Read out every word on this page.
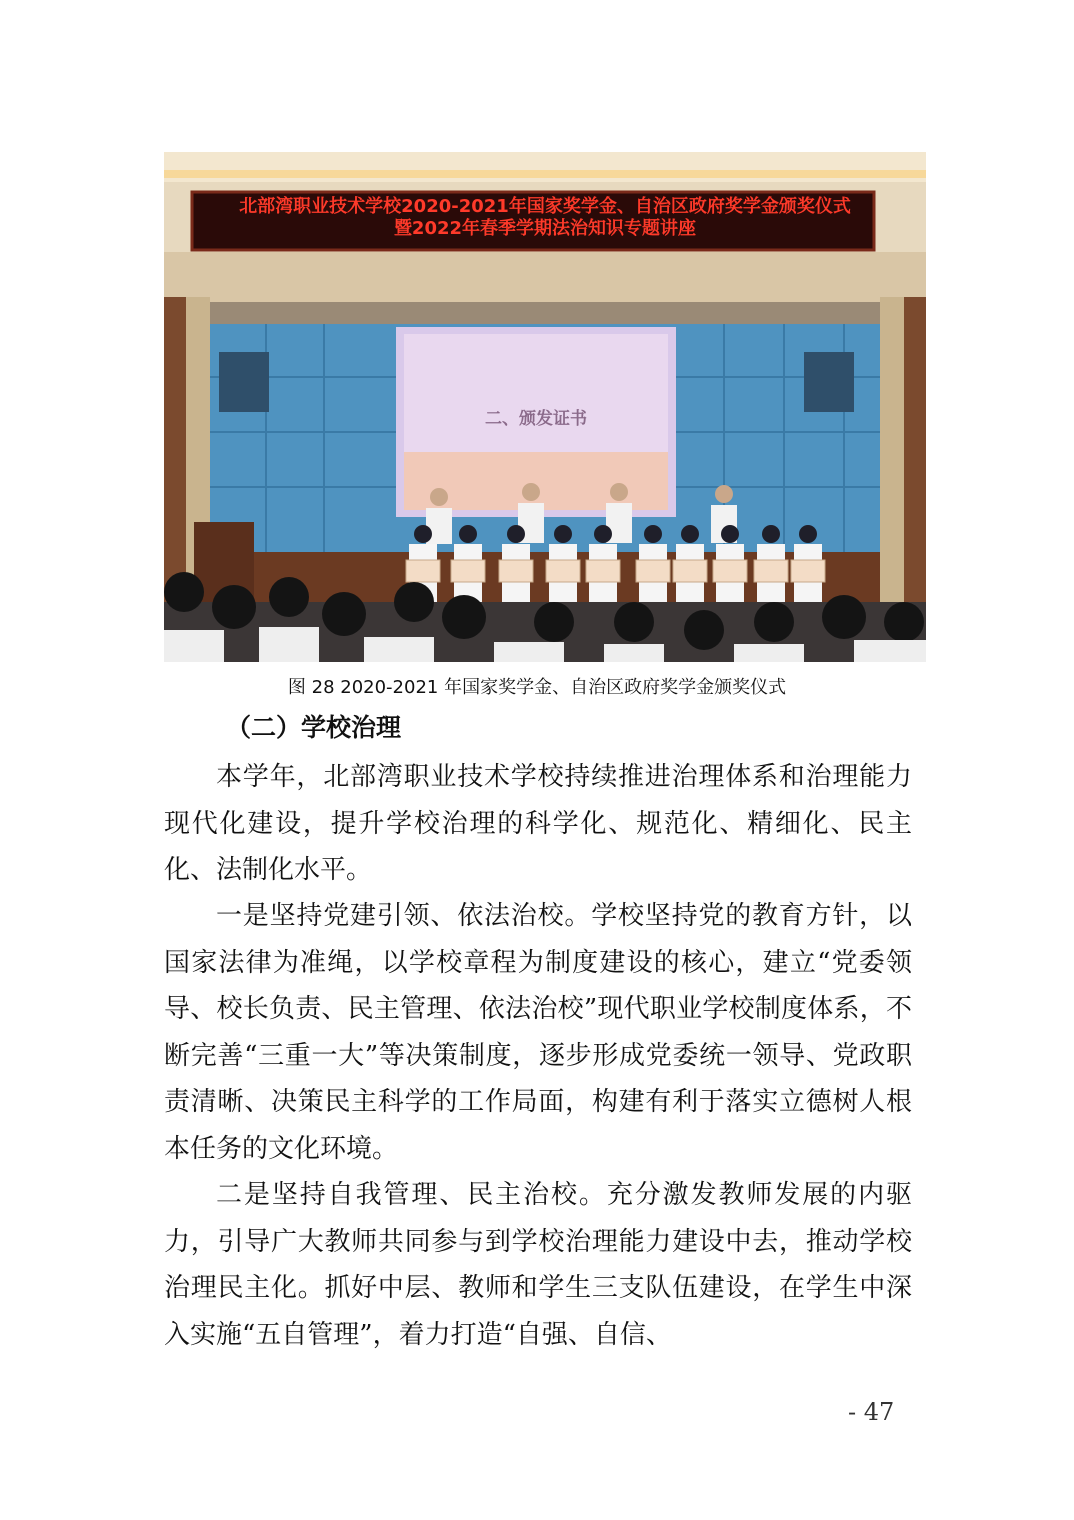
北部湾职业技术学校2020-2021年国家奖学金、自治区政府奖学金颁奖仪式
暨2022年春季学期法治知识专题讲座
二、颁发证书
图 28 2020-2021 年国家奖学金、自治区政府奖学金颁奖仪式
（二）学校治理

本学年，北部湾职业技术学校持续推进治理体系和治理能力现代化建设，提升学校治理的科学化、规范化、精细化、民主化、法制化水平。

一是坚持党建引领、依法治校。学校坚持党的教育方针，以国家法律为准绳，以学校章程为制度建设的核心，建立“党委领导、校长负责、民主管理、依法治校”现代职业学校制度体系，不断完善“三重一大”等决策制度，逐步形成党委统一领导、党政职责清晰、决策民主科学的工作局面，构建有利于落实立德树人根本任务的文化环境。

二是坚持自我管理、民主治校。充分激发教师发展的内驱力，引导广大教师共同参与到学校治理能力建设中去，推动学校治理民主化。抓好中层、教师和学生三支队伍建设，在学生中深入实施“五自管理”，着力打造“自强、自信、

- 47
